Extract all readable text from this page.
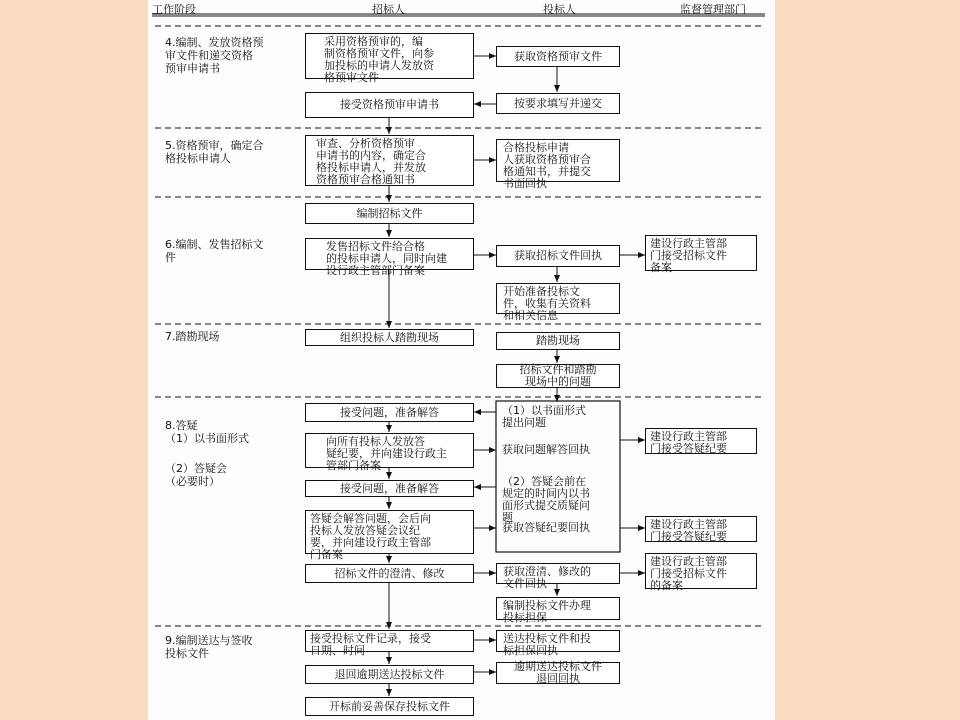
工作阶段	招标人	投标人	监督管理部门
4.编制、发放资格预
审文件和递交资格
预审申请书
5.资格预审，确定合
格投标申请人
6.编制、发售招标文
件
7.踏勘现场
8.答疑
（1）以书面形式
（2）答疑会
（必要时）
9.编制送达与签收
投标文件
采用资格预审的，编
制资格预审文件，向参
加投标的申请人发放资
格预审文件
接受资格预审申请书
审查、分析资格预审
申请书的内容，确定合
格投标申请人，并发放
资格预审合格通知书
编制招标文件
发售招标文件给合格
的投标申请人，同时向建
设行政主管部门备案
组织投标人踏勘现场
接受问题，准备解答
向所有投标人发放答
疑纪要，并向建设行政主
管部门备案
接受问题，准备解答
答疑会解答问题，会后向
投标人发放答疑会议纪
要，并向建设行政主管部
门备案
招标文件的澄清、修改
接受投标文件记录，接受
日期、时间
退回逾期送达投标文件
开标前妥善保存投标文件
获取资格预审文件
按要求填写并递交
合格投标申请
人获取资格预审合
格通知书，并提交
书面回执
获取招标文件回执
开始准备投标文
件，收集有关资料
和相关信息
踏勘现场
招标文件和踏勘
现场中的问题
（1）以书面形式
提出问题
获取问题解答回执
（2）答疑会前在
规定的时间内以书
面形式提交质疑问
题
获取答疑纪要回执
获取澄清、修改的
文件回执
编制投标文件办理
投标担保
送达投标文件和投
标担保回执
逾期送达投标文件
退回回执
建设行政主管部
门接受招标文件
备案
建设行政主管部
门接受答疑纪要
建设行政主管部
门接受答疑纪要
建设行政主管部
门接受招标文件
的备案
